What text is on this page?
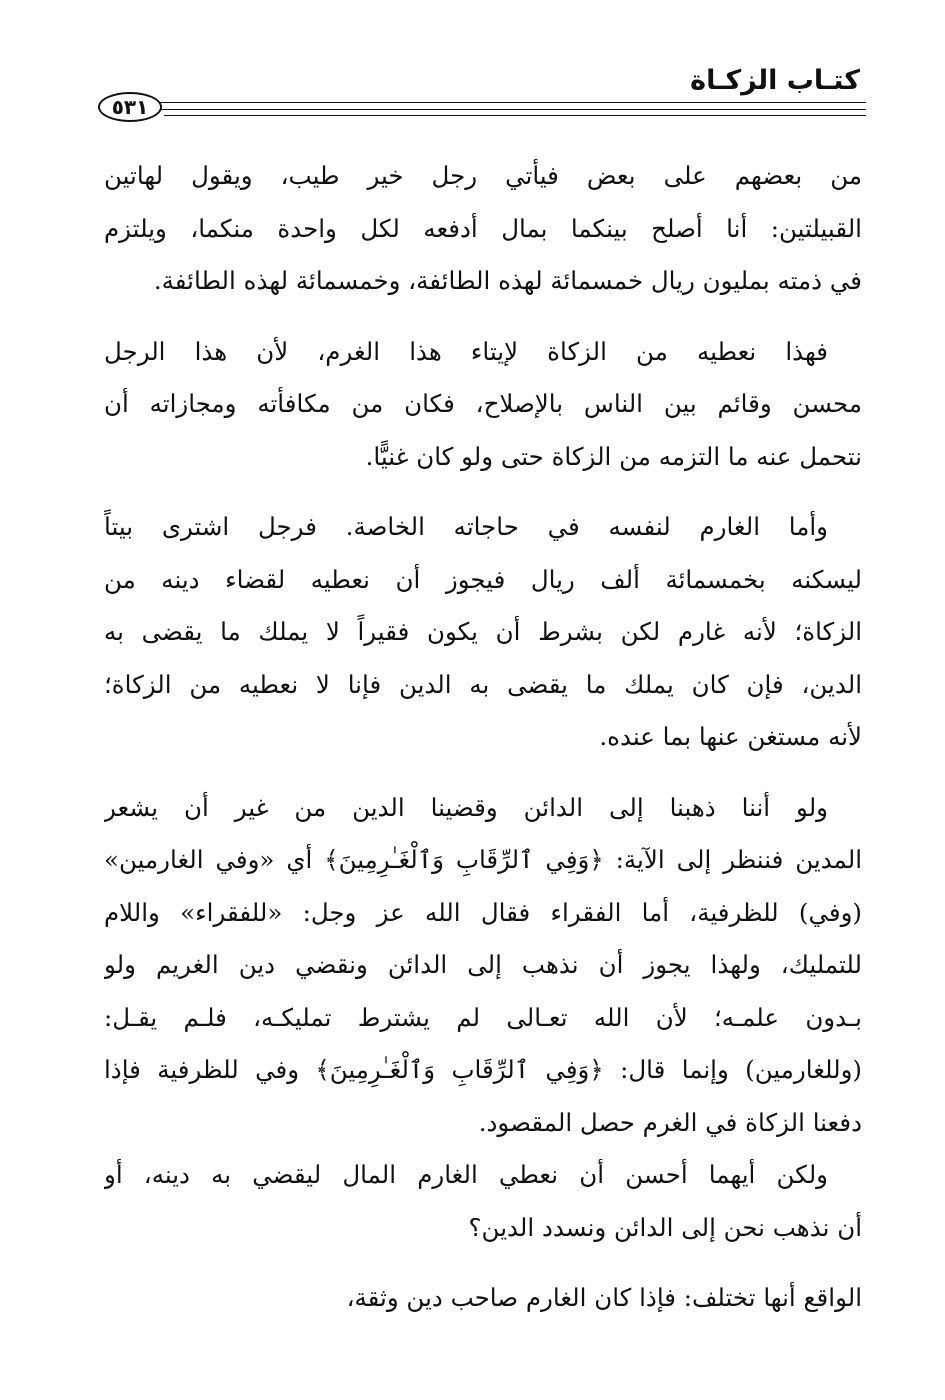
كتـاب الزكـاة
٥٣١
من بعضهم على بعض فيأتي رجل خير طيب، ويقول لهاتين
القبيلتين: أنا أصلح بينكما بمال أدفعه لكل واحدة منكما، ويلتزم
في ذمته بمليون ريال خمسمائة لهذه الطائفة، وخمسمائة لهذه الطائفة.
فهذا نعطيه من الزكاة لإيتاء هذا الغرم، لأن هذا الرجل
محسن وقائم بين الناس بالإصلاح، فكان من مكافأته ومجازاته أن
نتحمل عنه ما التزمه من الزكاة حتى ولو كان غنيًّا.
وأما الغارم لنفسه في حاجاته الخاصة. فرجل اشترى بيتاً
ليسكنه بخمسمائة ألف ريال فيجوز أن نعطيه لقضاء دينه من
الزكاة؛ لأنه غارم لكن بشرط أن يكون فقيراً لا يملك ما يقضى به
الدين، فإن كان يملك ما يقضى به الدين فإنا لا نعطيه من الزكاة؛
لأنه مستغن عنها بما عنده.
ولو أننا ذهبنا إلى الدائن وقضينا الدين من غير أن يشعر
المدين فننظر إلى الآية: ﴿وَفِي ٱلرِّقَابِ وَٱلْغَـٰرِمِينَ﴾ أي «وفي الغارمين»
(وفي) للظرفية، أما الفقراء فقال الله عز وجل: «للفقراء» واللام
للتمليك، ولهذا يجوز أن نذهب إلى الدائن ونقضي دين الغريم ولو
بـدون علمـه؛ لأن الله تعـالى لم يشترط تمليكـه، فلـم يقـل:
(وللغارمين) وإنما قال: ﴿وَفِي ٱلرِّقَابِ وَٱلْغَـٰرِمِينَ﴾ وفي للظرفية فإذا
دفعنا الزكاة في الغرم حصل المقصود.
ولكن أيهما أحسن أن نعطي الغارم المال ليقضي به دينه، أو
أن نذهب نحن إلى الدائن ونسدد الدين؟
الواقع أنها تختلف: فإذا كان الغارم صاحب دين وثقة،
